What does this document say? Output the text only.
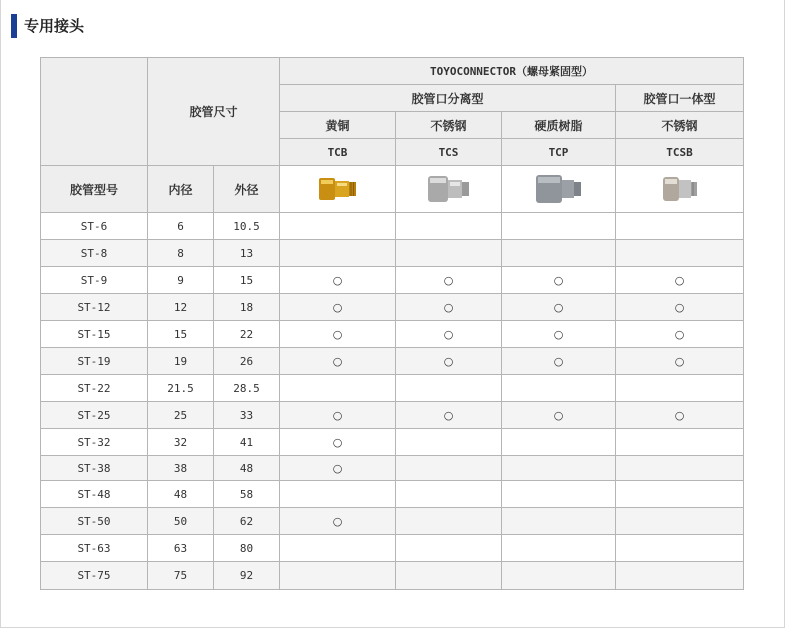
专用接头
	胶管尺寸		TOYOCONNECTOR（螺母紧固型）			
			胶管口分离型			胶管口一体型
			黄铜	不锈钢	硬质树脂	不锈钢
			TCB	TCS	TCP	TCSB
胶管型号	内径	外径	

ST-6	6	10.5				
ST-8	8	13				
ST-9	9	15	○	○	○	○
ST-12	12	18	○	○	○	○
ST-15	15	22	○	○	○	○
ST-19	19	26	○	○	○	○
ST-22	21.5	28.5				
ST-25	25	33	○	○	○	○
ST-32	32	41	○			
ST-38	38	48	○			
ST-48	48	58				
ST-50	50	62	○			
ST-63	63	80				
ST-75	75	92				
